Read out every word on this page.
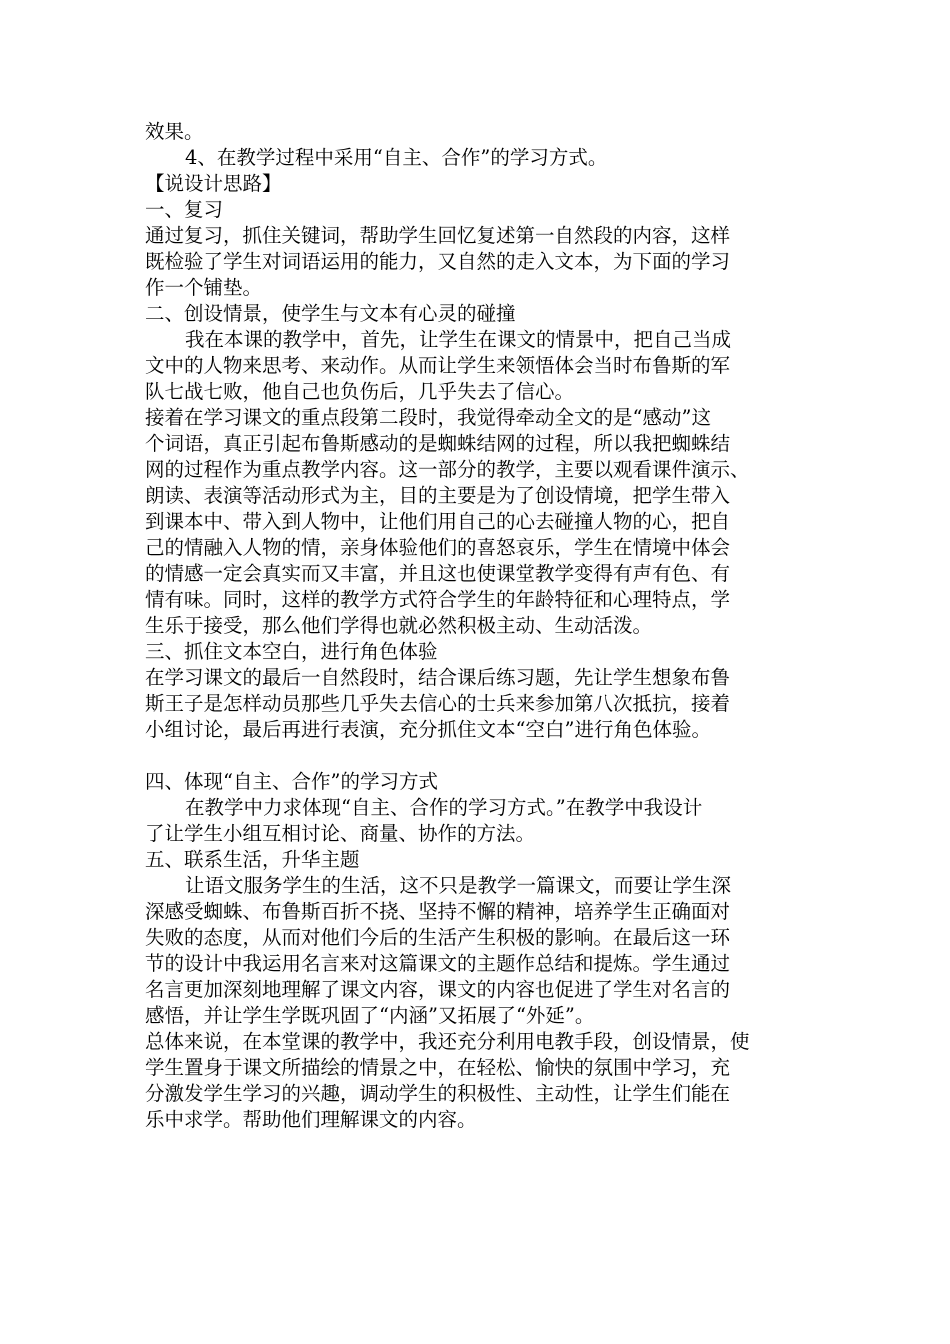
效果。
4、在教学过程中采用“自主、合作”的学习方式。
【说设计思路】
一、复习
通过复习，抓住关键词，帮助学生回忆复述第一自然段的内容，这样
既检验了学生对词语运用的能力，又自然的走入文本，为下面的学习
作一个铺垫。
二、创设情景，使学生与文本有心灵的碰撞
我在本课的教学中，首先，让学生在课文的情景中，把自己当成
文中的人物来思考、来动作。从而让学生来领悟体会当时布鲁斯的军
队七战七败，他自己也负伤后，几乎失去了信心。
接着在学习课文的重点段第二段时，我觉得牵动全文的是“感动”这
个词语，真正引起布鲁斯感动的是蜘蛛结网的过程，所以我把蜘蛛结
网的过程作为重点教学内容。这一部分的教学，主要以观看课件演示、
朗读、表演等活动形式为主，目的主要是为了创设情境，把学生带入
到课本中、带入到人物中，让他们用自己的心去碰撞人物的心，把自
己的情融入人物的情，亲身体验他们的喜怒哀乐，学生在情境中体会
的情感一定会真实而又丰富，并且这也使课堂教学变得有声有色、有
情有味。同时，这样的教学方式符合学生的年龄特征和心理特点，学
生乐于接受，那么他们学得也就必然积极主动、生动活泼。
三、抓住文本空白，进行角色体验
在学习课文的最后一自然段时，结合课后练习题，先让学生想象布鲁
斯王子是怎样动员那些几乎失去信心的士兵来参加第八次抵抗，接着
小组讨论，最后再进行表演，充分抓住文本“空白”进行角色体验。
四、体现“自主、合作”的学习方式
在教学中力求体现“自主、合作的学习方式。”在教学中我设计
了让学生小组互相讨论、商量、协作的方法。
五、联系生活，升华主题
让语文服务学生的生活，这不只是教学一篇课文，而要让学生深
深感受蜘蛛、布鲁斯百折不挠、坚持不懈的精神，培养学生正确面对
失败的态度，从而对他们今后的生活产生积极的影响。在最后这一环
节的设计中我运用名言来对这篇课文的主题作总结和提炼。学生通过
名言更加深刻地理解了课文内容，课文的内容也促进了学生对名言的
感悟，并让学生学既巩固了“内涵”又拓展了“外延”。
总体来说，在本堂课的教学中，我还充分利用电教手段，创设情景，使
学生置身于课文所描绘的情景之中，在轻松、愉快的氛围中学习，充
分激发学生学习的兴趣，调动学生的积极性、主动性，让学生们能在
乐中求学。帮助他们理解课文的内容。
